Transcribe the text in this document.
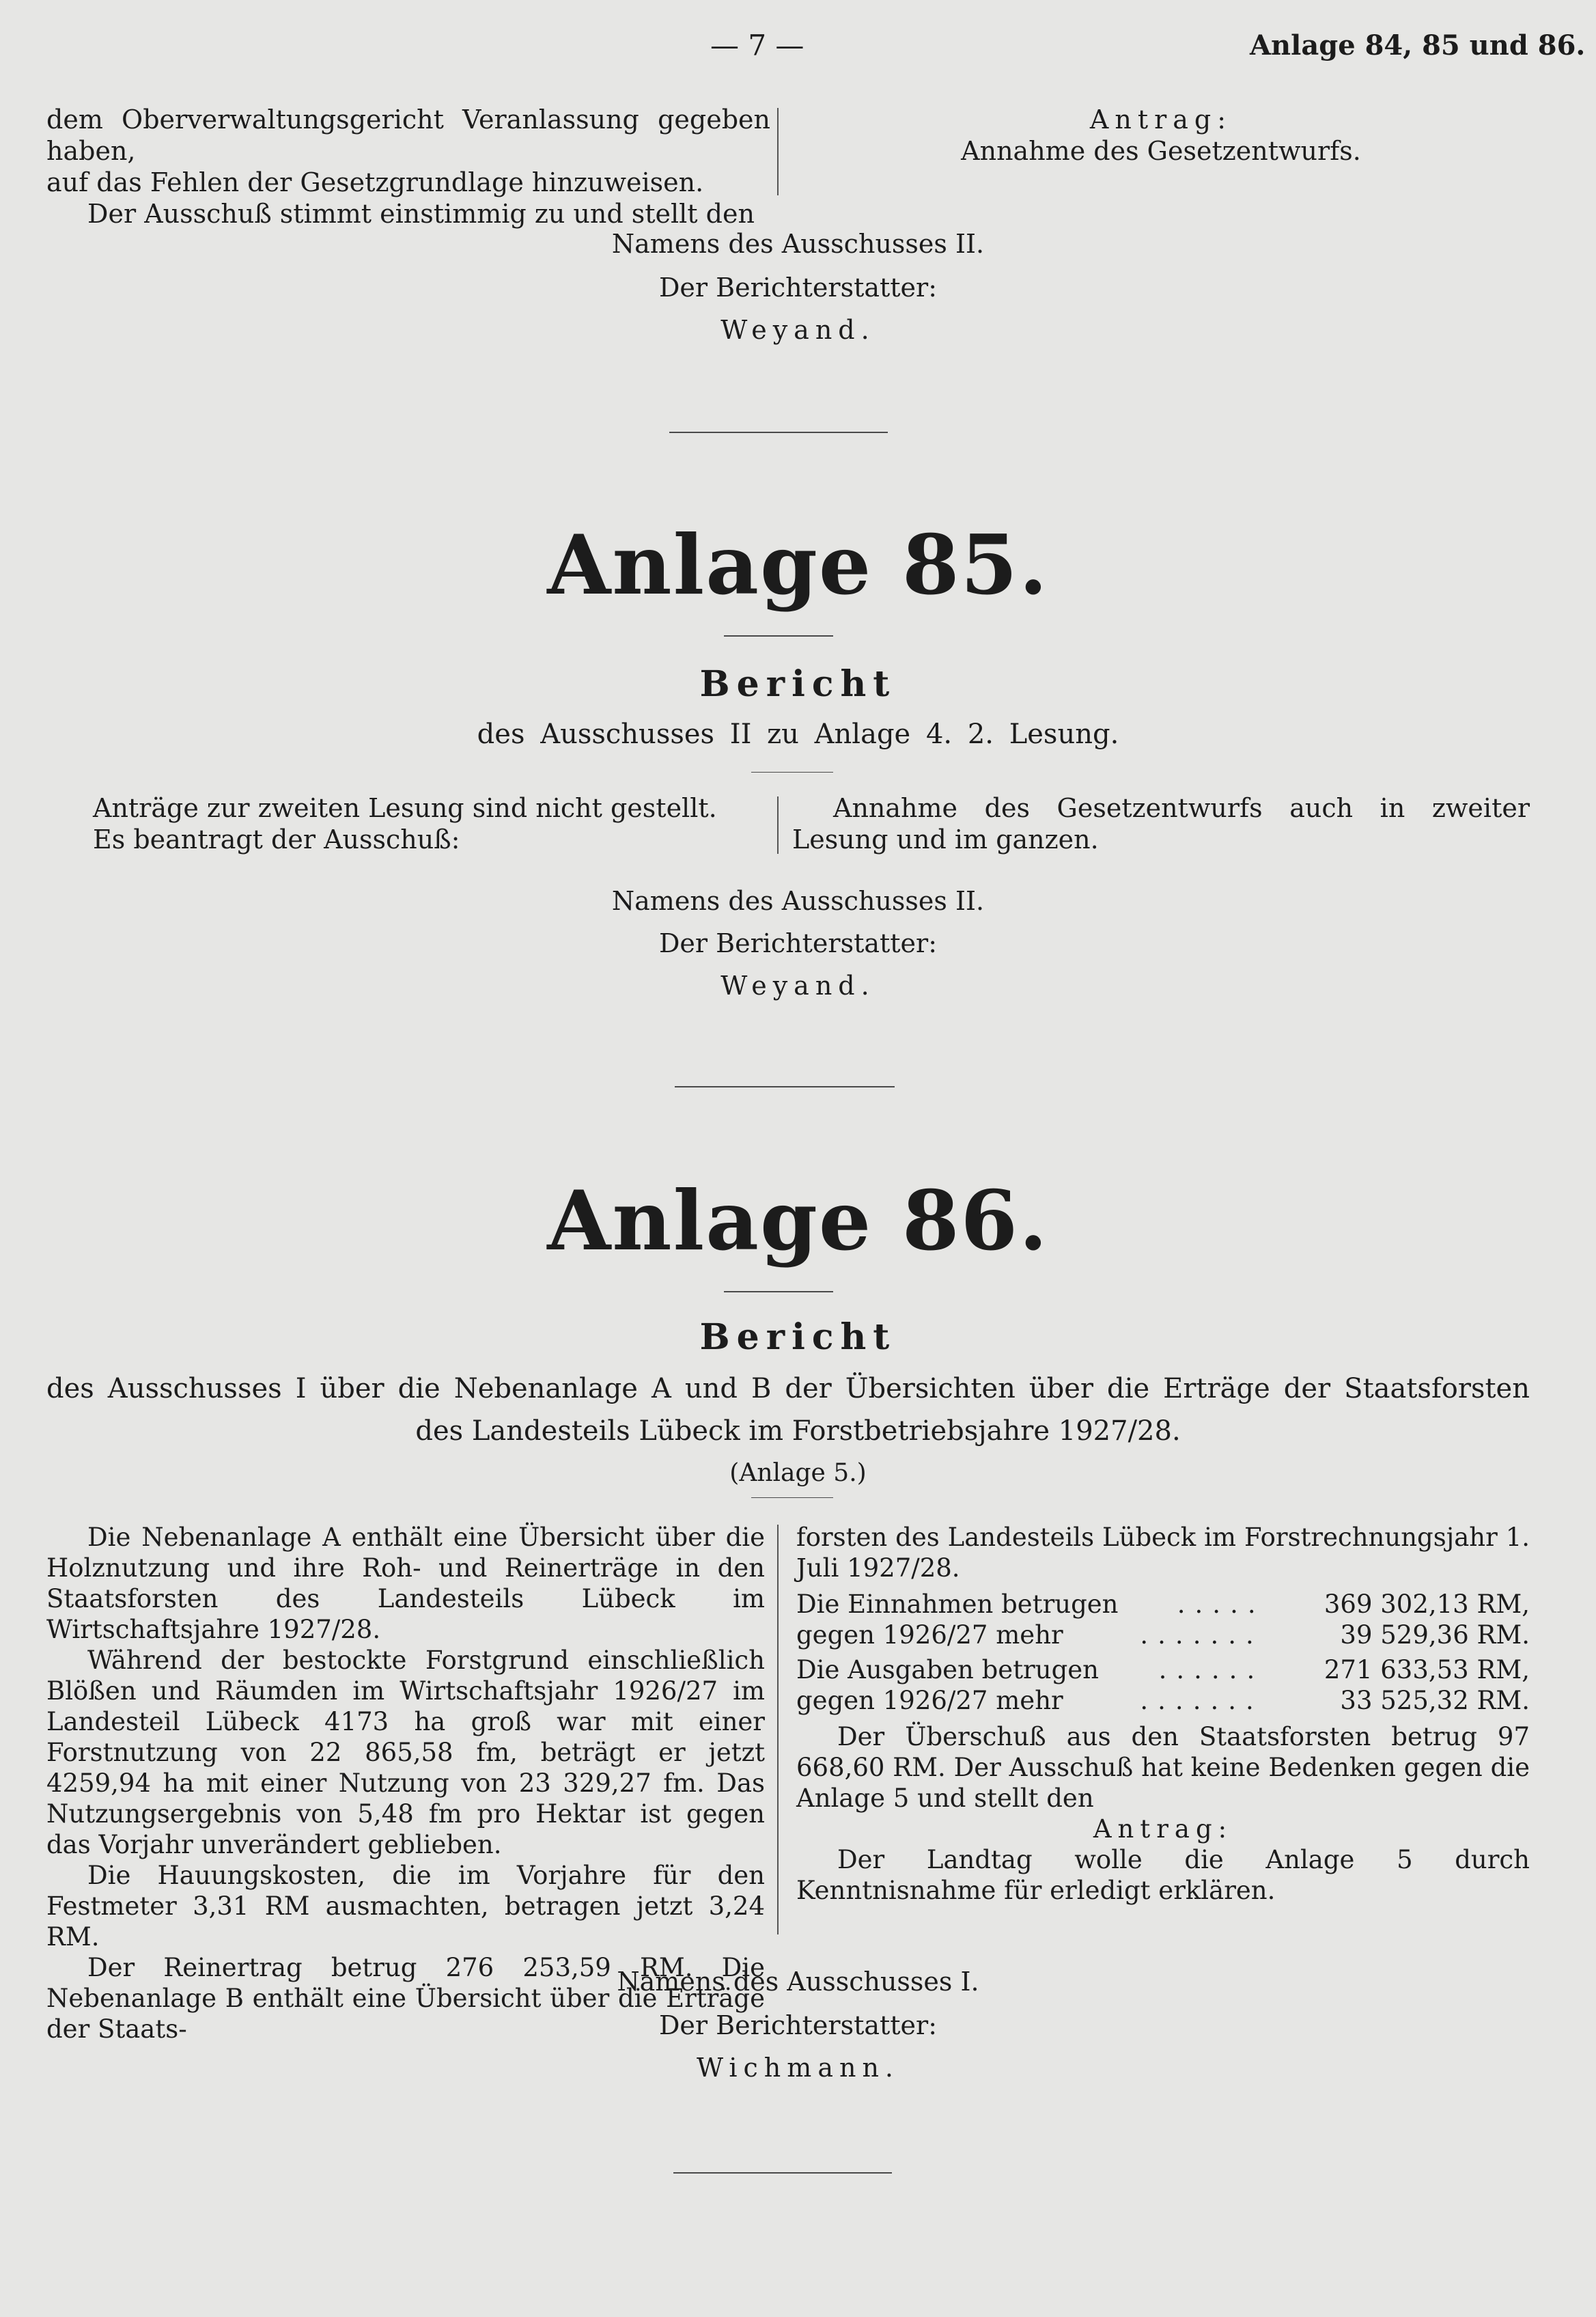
— 7 —	Anlage 84, 85 und 86.

dem Oberverwaltungsgericht Veranlassung gegeben haben,

auf das Fehlen der Gesetzgrundlage hinzuweisen.

Der Ausschuß stimmt einstimmig zu und stellt den

Antrag:

Annahme des Gesetzentwurfs.

Namens des Ausschusses II.
Der Berichterstatter:
Weyand.
Anlage 85.
Bericht
des Ausschusses II zu Anlage 4. 2. Lesung.

Anträge zur zweiten Lesung sind nicht gestellt.

Es beantragt der Ausschuß:

Annahme des Gesetzentwurfs auch in zweiter

Lesung und im ganzen.

Namens des Ausschusses II.
Der Berichterstatter:
Weyand.
Anlage 86.
Bericht
des Ausschusses I über die Nebenanlage A und B der Übersichten über die Erträge der Staatsforsten
des Landesteils Lübeck im Forstbetriebsjahre 1927/28.
(Anlage 5.)

Die Nebenanlage A enthält eine Übersicht über die Holznutzung und ihre Roh- und Reinerträge in den Staatsforsten des Landesteils Lübeck im Wirtschaftsjahre 1927/28.

Während der bestockte Forstgrund einschließlich Blößen und Räumden im Wirtschaftsjahr 1926/27 im Landesteil Lübeck 4173 ha groß war mit einer Forstnutzung von 22 865,58 fm, beträgt er jetzt 4259,94 ha mit einer Nutzung von 23 329,27 fm. Das Nutzungsergebnis von 5,48 fm pro Hektar ist gegen das Vorjahr unverändert geblieben.

Die Hauungskosten, die im Vorjahre für den Festmeter 3,31 RM ausmachten, betragen jetzt 3,24 RM.

Der Reinertrag betrug 276 253,59 RM. Die Nebenanlage B enthält eine Übersicht über die Erträge der Staats-

forsten des Landesteils Lübeck im Forstrechnungsjahr 1. Juli 1927/28.

Die Einnahmen betrugen	.....	369 302,13 RM,
gegen 1926/27 mehr	.......	39 529,36 RM.
Die Ausgaben betrugen	......	271 633,53 RM,
gegen 1926/27 mehr	.......	33 525,32 RM.

Der Überschuß aus den Staatsforsten betrug 97 668,60 RM. Der Ausschuß hat keine Bedenken gegen die Anlage 5 und stellt den

Antrag:

Der Landtag wolle die Anlage 5 durch Kenntnisnahme für erledigt erklären.

Namens des Ausschusses I.
Der Berichterstatter:
Wichmann.
